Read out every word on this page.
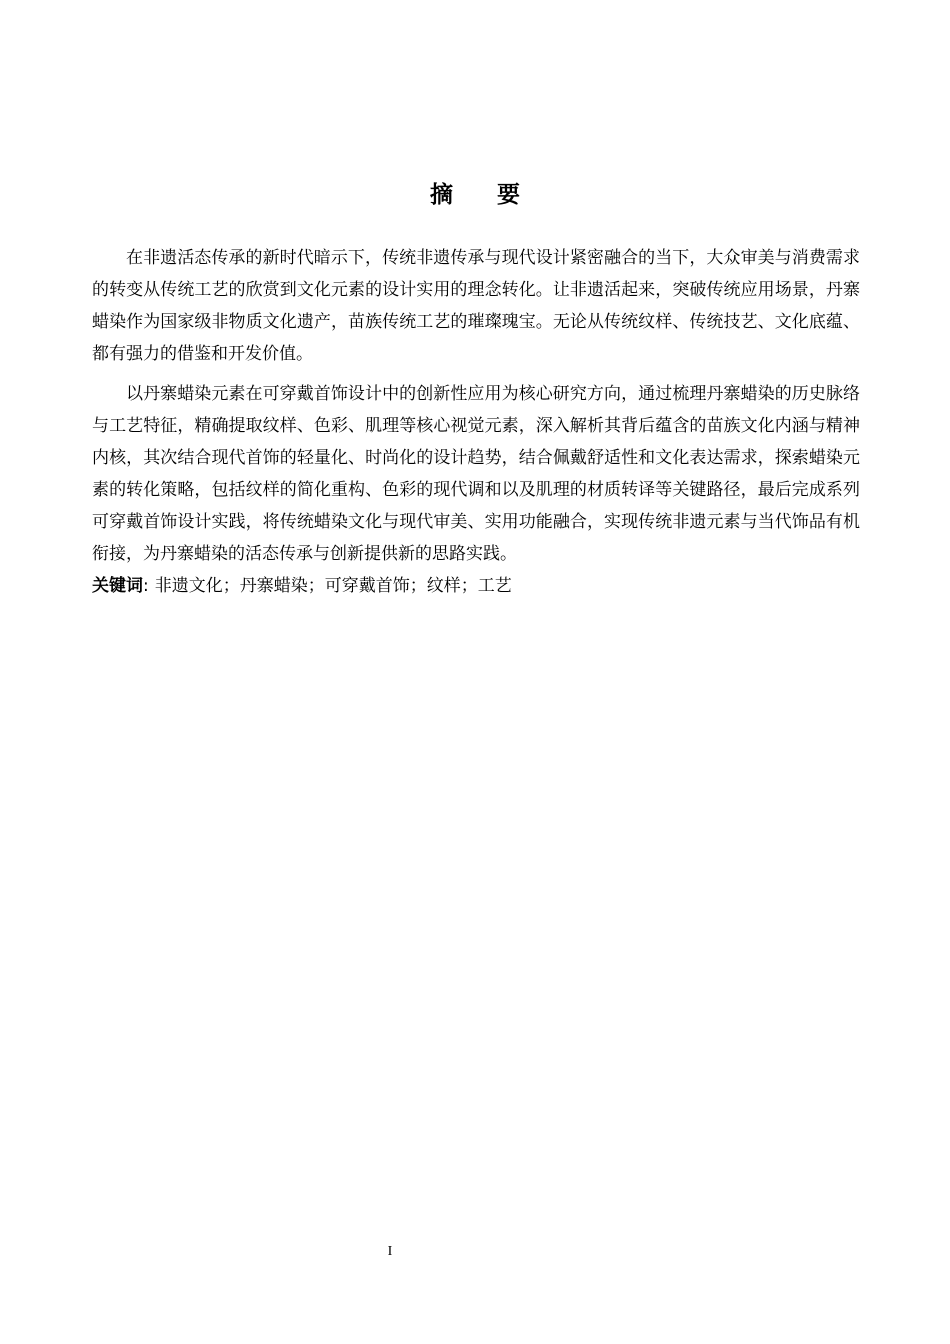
摘要

在非遗活态传承的新时代暗示下，传统非遗传承与现代设计紧密融合的当下，大众审美与消费需求的转变从传统工艺的欣赏到文化元素的设计实用的理念转化。让非遗活起来，突破传统应用场景，丹寨蜡染作为国家级非物质文化遗产，苗族传统工艺的璀璨瑰宝。无论从传统纹样、传统技艺、文化底蕴、都有强力的借鉴和开发价值。

以丹寨蜡染元素在可穿戴首饰设计中的创新性应用为核心研究方向，通过梳理丹寨蜡染的历史脉络与工艺特征，精确提取纹样、色彩、肌理等核心视觉元素，深入解析其背后蕴含的苗族文化内涵与精神内核，其次结合现代首饰的轻量化、时尚化的设计趋势，结合佩戴舒适性和文化表达需求，探索蜡染元素的转化策略，包括纹样的简化重构、色彩的现代调和以及肌理的材质转译等关键路径，最后完成系列可穿戴首饰设计实践，将传统蜡染文化与现代审美、实用功能融合，实现传统非遗元素与当代饰品有机衔接，为丹寨蜡染的活态传承与创新提供新的思路实践。

关键词: 非遗文化；丹寨蜡染；可穿戴首饰；纹样；工艺

I
